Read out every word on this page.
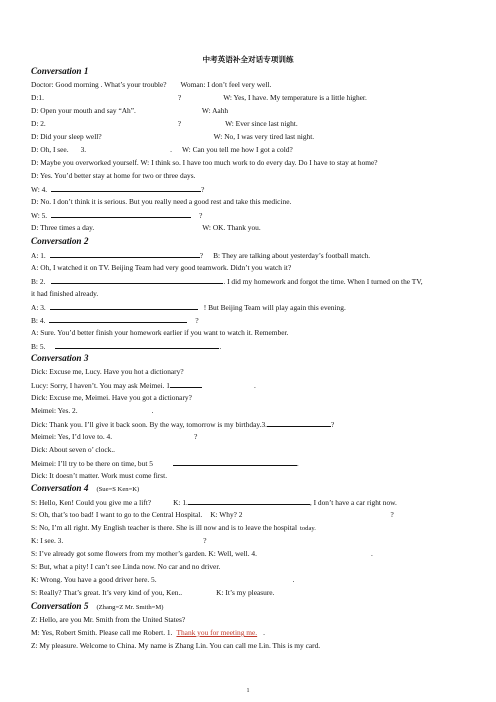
中考英语补全对话专项训练
Conversation 1
Doctor: Good morning . What’s your trouble? Woman: I don’t feel very well.
D:1.	?	W: Yes, I have. My temperature is a little higher.
D: Open your mouth and say “Ah”.	W: Aahh
D: 2.	?	W: Ever since last night.
D: Did your sleep well?	W: No, I was very tired last night.
D: Oh, I see. 3.	. W: Can you tell me how I got a cold?
D: Maybe you overworked yourself. W: I think so. I have too much work to do every day. Do I have to stay at home?
D: Yes. You’d better stay at home for two or three days.
W: 4.	?
D: No. I don’t think it is serious. But you really need a good rest and take this medicine.
W: 5.	?
D: Three times a day.	W: OK. Thank you.
Conversation 2
A: 1.	? B: They are talking about yesterday’s football match.
A: Oh, I watched it on TV. Beijing Team had very good teamwork. Didn’t you watch it?
B: 2.	. I did my homework and forgot the time. When I turned on the TV,
it had finished already.
A: 3.	! But Beijing Team will play again this evening.
B: 4.	?
A: Sure. You’d better finish your homework earlier if you want to watch it. Remember.
B: 5.	.
Conversation 3
Dick: Excuse me, Lucy. Have you hot a dictionary?
Lucy: Sorry, I haven’t. You may ask Meimei. 1	.
Dick: Excuse me, Meimei. Have you got a dictionary?
Meimei: Yes. 2.	.
Dick: Thank you. I’ll give it back soon. By the way, tomorrow is my birthday.3.	?
Meimei: Yes, I’d love to. 4.	?
Dick: About seven o’ clock..
Meimei: I’ll try to be there on time, but 5	.
Dick: It doesn’t matter. Work must come first.
Conversation 4 (Sue=S Ken=K)
S: Hello, Ken! Could you give me a lift?	K: 1.	, I don’t have a car right now.
S: Oh, that’s too bad! I want to go to the Central Hospital. K: Why? 2	?
S: No, I’m all right. My English teacher is there. She is ill now and is to leave the hospital today.
K: I see. 3.	?
S: I’ve already got some flowers from my mother’s garden. K: Well, well. 4.	.
S: But, what a pity! I can’t see Linda now. No car and no driver.
K: Wrong. You have a good driver here. 5.	.
S: Really? That’s great. It’s very kind of you, Ken..	K: It’s my pleasure.
Conversation 5 (Zhang=Z Mr. Smith=M)
Z: Hello, are you Mr. Smith from the United States?
M: Yes, Robert Smith. Please call me Robert. 1. Thank you for meeting me. .
Z: My pleasure. Welcome to China. My name is Zhang Lin. You can call me Lin. This is my card.
1
